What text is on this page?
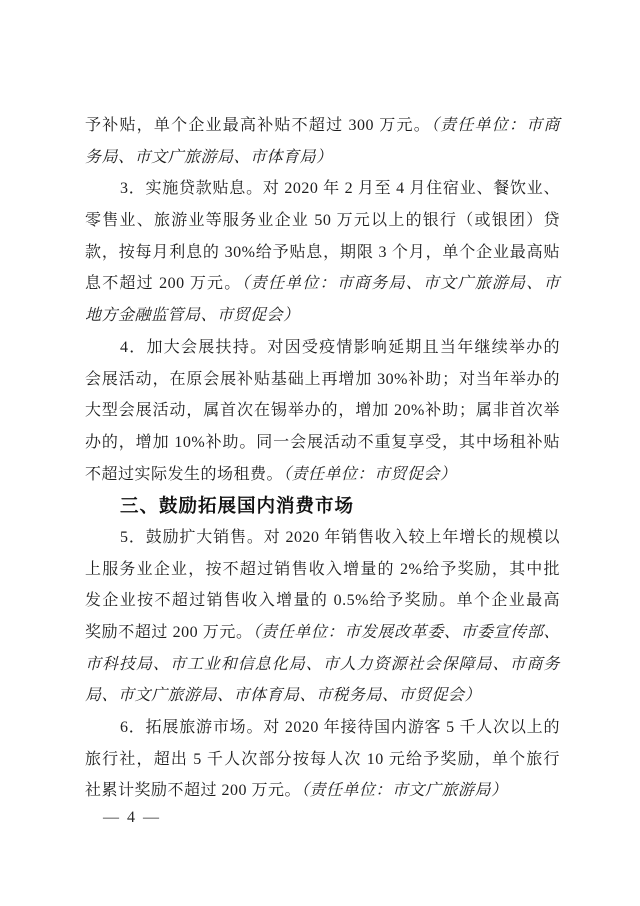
予补贴，单个企业最高补贴不超过 300 万元。（责任单位：市商
务局、市文广旅游局、市体育局）
3．实施贷款贴息。对 2020 年 2 月至 4 月住宿业、餐饮业、
零售业、旅游业等服务业企业 50 万元以上的银行（或银团）贷
款，按每月利息的 30%给予贴息，期限 3 个月，单个企业最高贴
息不超过 200 万元。（责任单位：市商务局、市文广旅游局、市
地方金融监管局、市贸促会）
4．加大会展扶持。对因受疫情影响延期且当年继续举办的
会展活动，在原会展补贴基础上再增加 30%补助；对当年举办的
大型会展活动，属首次在锡举办的，增加 20%补助；属非首次举
办的，增加 10%补助。同一会展活动不重复享受，其中场租补贴
不超过实际发生的场租费。（责任单位：市贸促会）
三、鼓励拓展国内消费市场
5．鼓励扩大销售。对 2020 年销售收入较上年增长的规模以
上服务业企业，按不超过销售收入增量的 2%给予奖励，其中批
发企业按不超过销售收入增量的 0.5%给予奖励。单个企业最高
奖励不超过 200 万元。（责任单位：市发展改革委、市委宣传部、
市科技局、市工业和信息化局、市人力资源社会保障局、市商务
局、市文广旅游局、市体育局、市税务局、市贸促会）
6．拓展旅游市场。对 2020 年接待国内游客 5 千人次以上的
旅行社，超出 5 千人次部分按每人次 10 元给予奖励，单个旅行
社累计奖励不超过 200 万元。（责任单位：市文广旅游局）
— 4 —
